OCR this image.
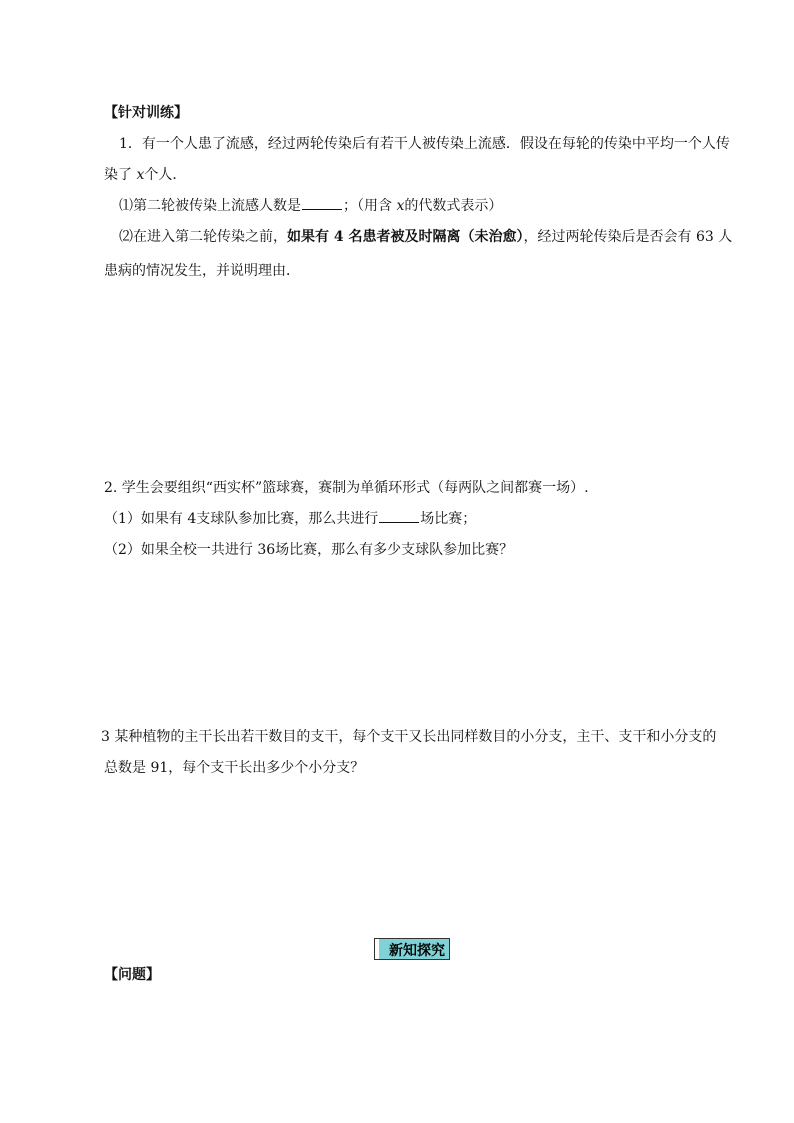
【针对训练】
1．有一个人患了流感，经过两轮传染后有若干人被传染上流感．假设在每轮的传染中平均一个人传
染了 x个人．
⑴第二轮被传染上流感人数是	；（用含 x的代数式表示）
⑵在进入第二轮传染之前，如果有 4 名患者被及时隔离（未治愈），经过两轮传染后是否会有 63 人
患病的情况发生，并说明理由．
2. 学生会要组织“西实杯”篮球赛，赛制为单循环形式（每两队之间都赛一场）.
（1）如果有 4支球队参加比赛，那么共进行	场比赛；
（2）如果全校一共进行 36场比赛，那么有多少支球队参加比赛？
3 某种植物的主干长出若干数目的支干，每个支干又长出同样数目的小分支，主干、支干和小分支的
总数是 91，每个支干长出多少个小分支？
新知探究
【问题】
